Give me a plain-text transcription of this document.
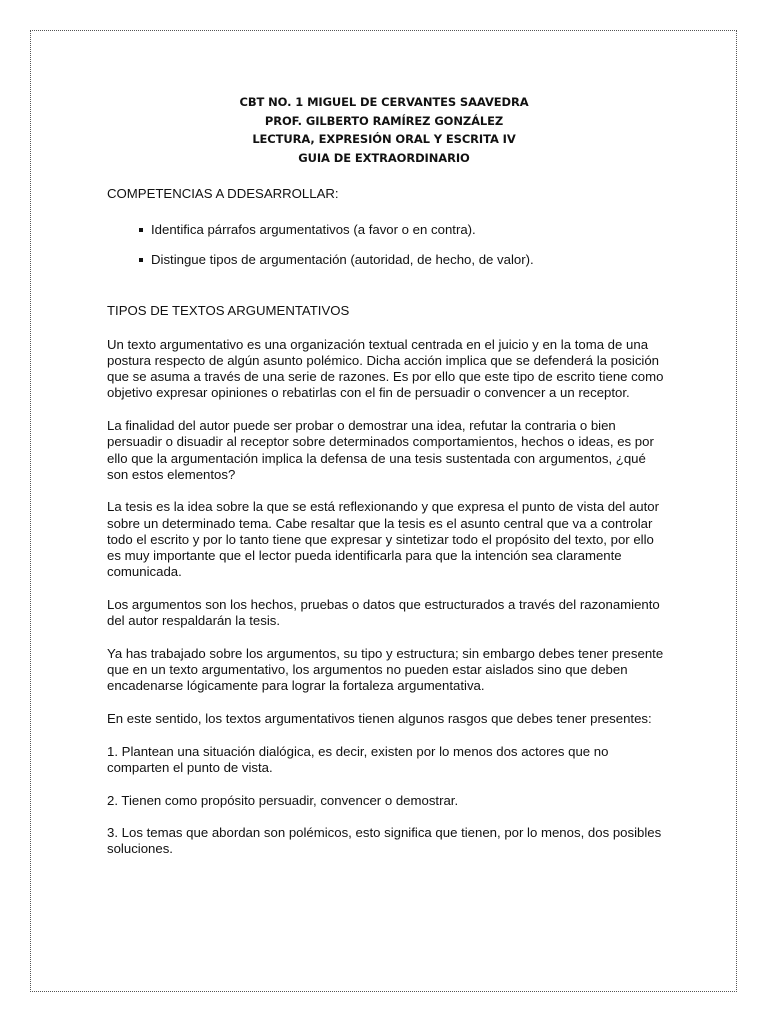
CBT NO. 1 MIGUEL DE CERVANTES SAAVEDRA
PROF. GILBERTO RAMÍREZ GONZÁLEZ
LECTURA, EXPRESIÓN ORAL Y ESCRITA IV
GUIA DE EXTRAORDINARIO
COMPETENCIAS A DDESARROLLAR:
Identifica párrafos argumentativos (a favor o en contra).
Distingue tipos de argumentación (autoridad, de hecho, de valor).
TIPOS DE TEXTOS ARGUMENTATIVOS

Un texto argumentativo es una organización textual centrada en el juicio y en la toma de una postura respecto de algún asunto polémico. Dicha acción implica que se defenderá la posición que se asuma a través de una serie de razones. Es por ello que este tipo de escrito tiene como objetivo expresar opiniones o rebatirlas con el fin de persuadir o convencer a un receptor.

La finalidad del autor puede ser probar o demostrar una idea, refutar la contraria o bien persuadir o disuadir al receptor sobre determinados comportamientos, hechos o ideas, es por ello que la argumentación implica la defensa de una tesis sustentada con argumentos, ¿qué son estos elementos?

La tesis es la idea sobre la que se está reflexionando y que expresa el punto de vista del autor sobre un determinado tema. Cabe resaltar que la tesis es el asunto central que va a controlar todo el escrito y por lo tanto tiene que expresar y sintetizar todo el propósito del texto, por ello es muy importante que el lector pueda identificarla para que la intención sea claramente comunicada.

Los argumentos son los hechos, pruebas o datos que estructurados a través del razonamiento del autor respaldarán la tesis.

Ya has trabajado sobre los argumentos, su tipo y estructura; sin embargo debes tener presente que en un texto argumentativo, los argumentos no pueden estar aislados sino que deben encadenarse lógicamente para lograr la fortaleza argumentativa.

En este sentido, los textos argumentativos tienen algunos rasgos que debes tener presentes:

1. Plantean una situación dialógica, es decir, existen por lo menos dos actores que no comparten el punto de vista.

2. Tienen como propósito persuadir, convencer o demostrar.

3. Los temas que abordan son polémicos, esto significa que tienen, por lo menos, dos posibles soluciones.
